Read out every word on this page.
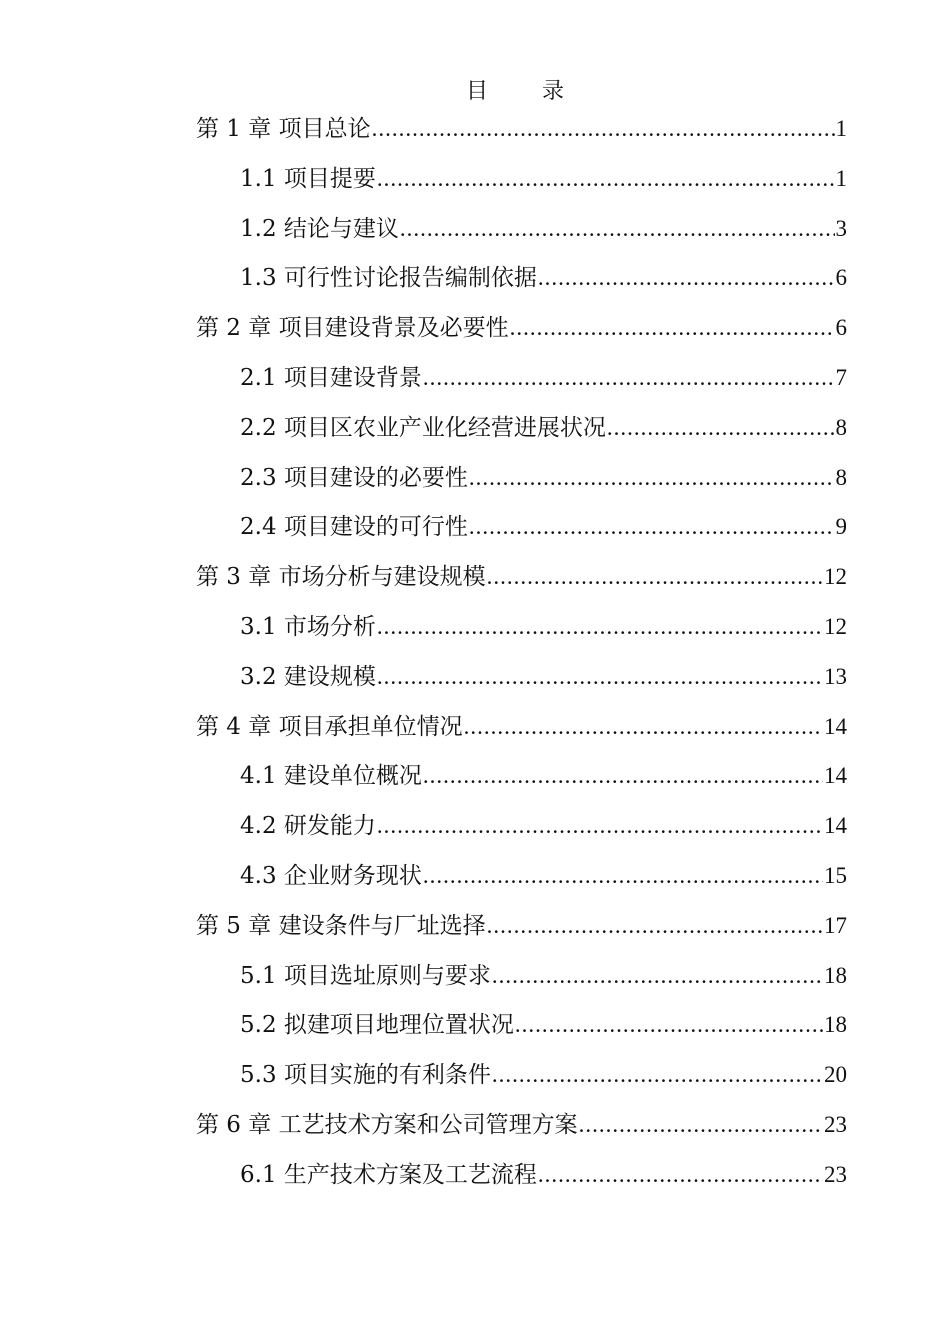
目　录
第 1 章 项目总论 .....	1
1.1 项目提要 .....	1
1.2 结论与建议 .....	3
1.3 可行性讨论报告编制依据 .....	6
第 2 章 项目建设背景及必要性 .....	6
2.1 项目建设背景 .....	7
2.2 项目区农业产业化经营进展状况 .....	8
2.3 项目建设的必要性 .....	8
2.4 项目建设的可行性 .....	9
第 3 章 市场分析与建设规模 .....	12
3.1 市场分析 .....	12
3.2 建设规模 .....	13
第 4 章 项目承担单位情况 .....	14
4.1 建设单位概况 .....	14
4.2 研发能力 .....	14
4.3 企业财务现状 .....	15
第 5 章 建设条件与厂址选择 .....	17
5.1 项目选址原则与要求 .....	18
5.2 拟建项目地理位置状况 .....	18
5.3 项目实施的有利条件 .....	20
第 6 章 工艺技术方案和公司管理方案 .....	23
6.1 生产技术方案及工艺流程 .....	23
